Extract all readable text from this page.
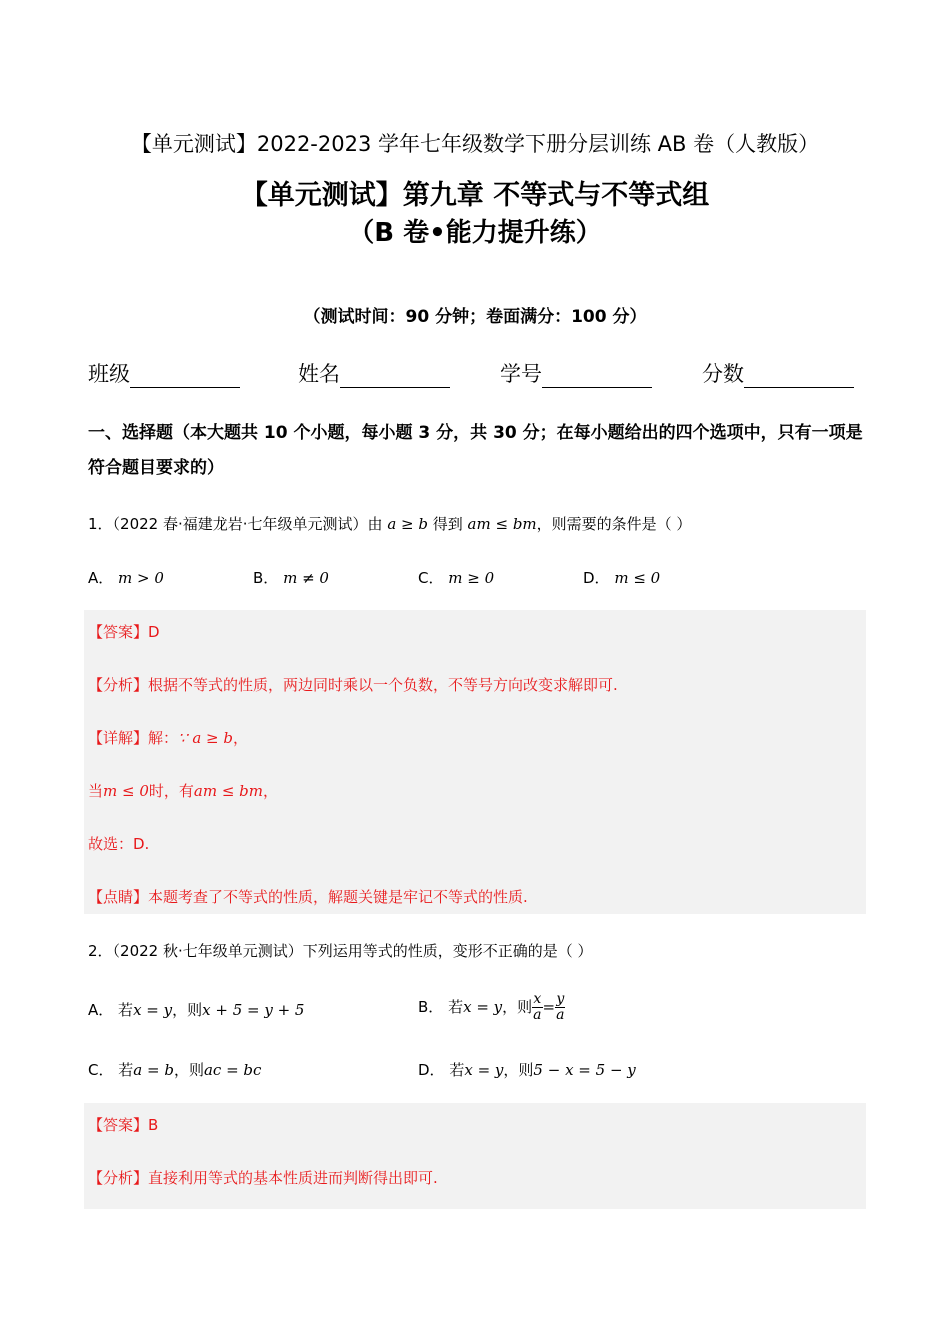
【单元测试】2022-2023 学年七年级数学下册分层训练 AB 卷（人教版）
【单元测试】第九章 不等式与不等式组
（B 卷•能力提升练）
（测试时间：90 分钟；卷面满分：100 分）
班级	姓名	学号	分数
一、选择题（本大题共 10 个小题，每小题 3 分，共 30 分；在每小题给出的四个选项中，只有一项是符合题目要求的）
1．（2022 春·福建龙岩·七年级单元测试）由 a ≥ b 得到 am ≤ bm，则需要的条件是（ ）
A． m > 0	B． m ≠ 0	C． m ≥ 0	D． m ≤ 0
【答案】D
【分析】根据不等式的性质，两边同时乘以一个负数，不等号方向改变求解即可.
【详解】解：∵ a ≥ b，
当m ≤ 0时，有am ≤ bm，
故选：D.
【点睛】本题考查了不等式的性质，解题关键是牢记不等式的性质.
2．（2022 秋·七年级单元测试）下列运用等式的性质，变形不正确的是（ ）
A． 若x = y，则x + 5 = y + 5	B． 若x = y，则 $\frac{x}{a} = \frac{y}{a}$
C． 若a = b，则ac = bc	D． 若x = y，则5 − x = 5 − y
【答案】B
【分析】直接利用等式的基本性质进而判断得出即可.
